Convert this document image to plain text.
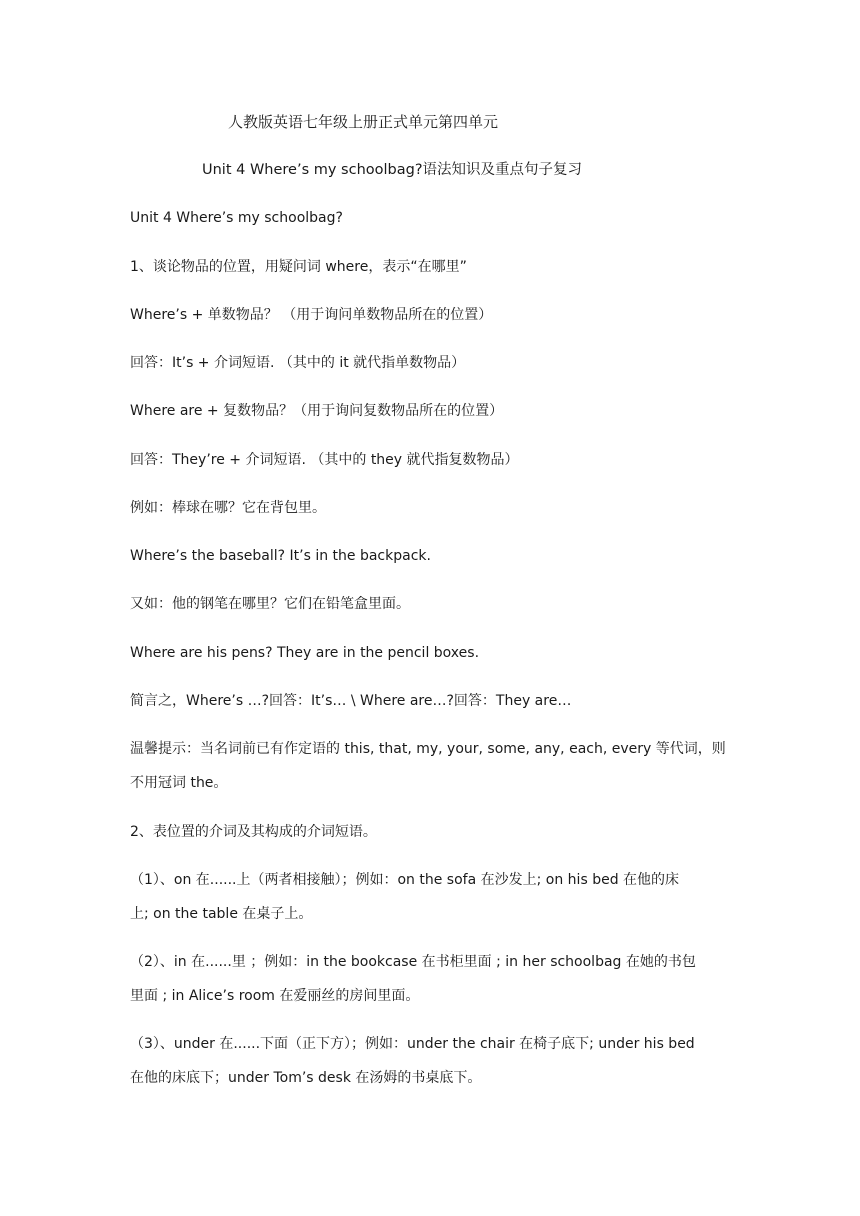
人教版英语七年级上册正式单元第四单元
Unit 4 Where’s my schoolbag?语法知识及重点句子复习
Unit 4 Where’s my schoolbag?
1、谈论物品的位置，用疑问词 where，表示“在哪里”
Where’s + 单数物品？ （用于询问单数物品所在的位置）
回答：It’s + 介词短语. （其中的 it 就代指单数物品）
Where are + 复数物品？（用于询问复数物品所在的位置）
回答：They’re + 介词短语. （其中的 they 就代指复数物品）
例如：棒球在哪？它在背包里。
Where’s the baseball? It’s in the backpack.
又如：他的钢笔在哪里？它们在铅笔盒里面。
Where are his pens? They are in the pencil boxes.
简言之，Where’s …?回答：It’s… \ Where are…?回答：They are…
温馨提示：当名词前已有作定语的 this, that, my, your, some, any, each, every 等代词，则
不用冠词 the。
2、表位置的介词及其构成的介词短语。
（1）、on 在......上（两者相接触）；例如：on the sofa 在沙发上; on his bed 在他的床
上; on the table 在桌子上。
（2）、in 在......里 ；例如：in the bookcase 在书柜里面 ; in her schoolbag 在她的书包
里面 ; in Alice’s room 在爱丽丝的房间里面。
（3）、under 在......下面（正下方）；例如：under the chair 在椅子底下; under his bed
在他的床底下；under Tom’s desk 在汤姆的书桌底下。
